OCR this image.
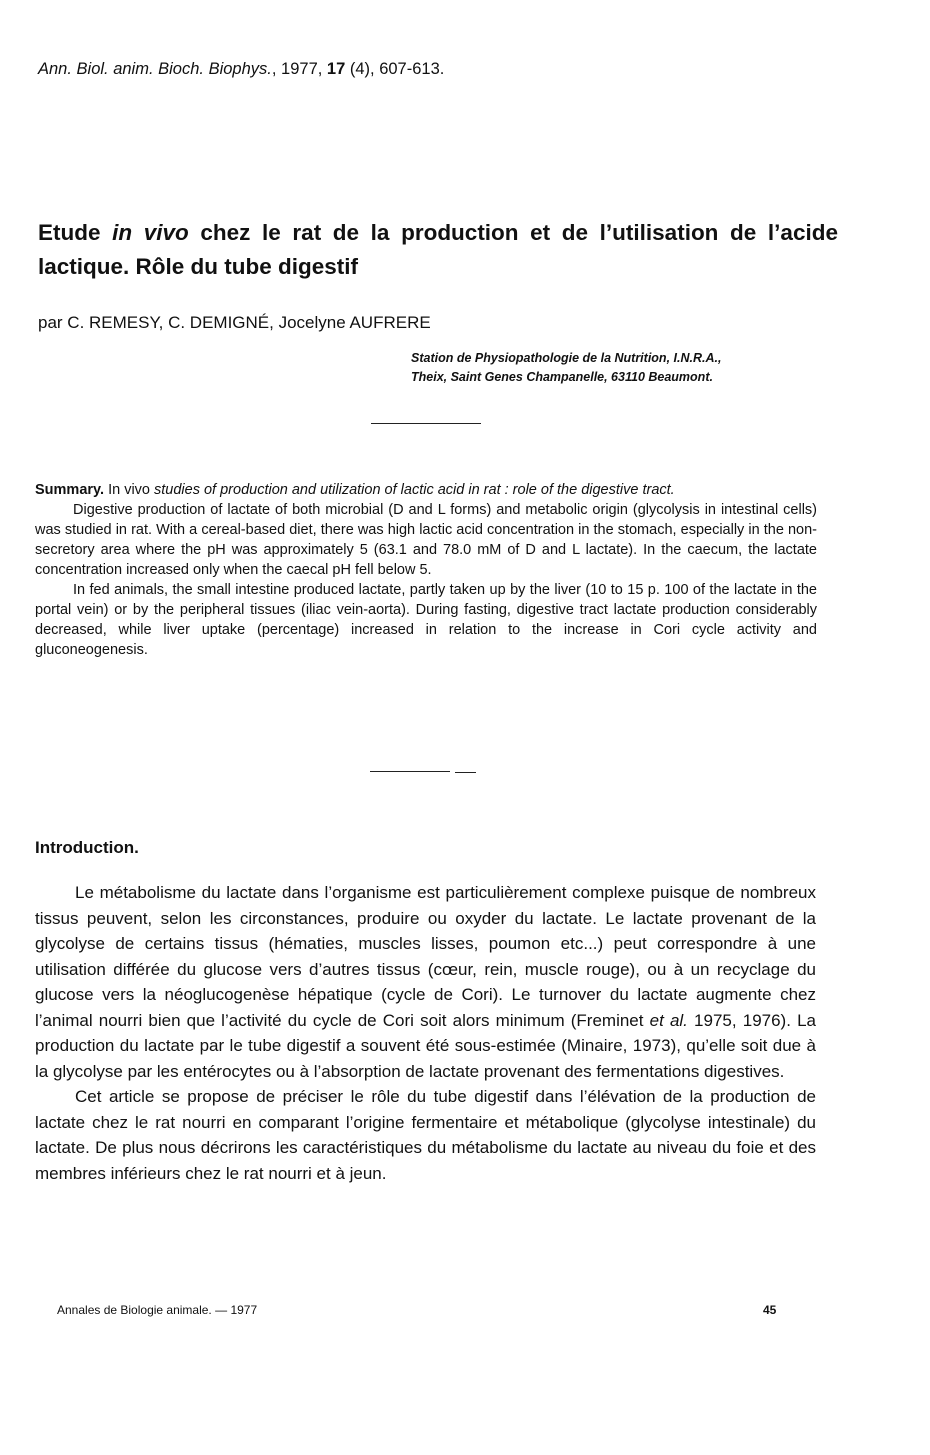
Ann. Biol. anim. Bioch. Biophys., 1977, 17 (4), 607-613.
Etude in vivo chez le rat de la production et de l’utilisation de l’acide lactique. Rôle du tube digestif
par C. REMESY, C. DEMIGNÉ, Jocelyne AUFRERE
Station de Physiopathologie de la Nutrition, I.N.R.A.,
Theix, Saint Genes Champanelle, 63110 Beaumont.

Summary. In vivo studies of production and utilization of lactic acid in rat : role of the digestive tract.

Digestive production of lactate of both microbial (D and L forms) and metabolic origin (glycolysis in intestinal cells) was studied in rat. With a cereal-based diet, there was high lactic acid concentration in the stomach, especially in the non-secretory area where the pH was approximately 5 (63.1 and 78.0 mM of D and L lactate). In the caecum, the lactate concentration increased only when the caecal pH fell below 5.

In fed animals, the small intestine produced lactate, partly taken up by the liver (10 to 15 p. 100 of the lactate in the portal vein) or by the peripheral tissues (iliac vein-aorta). During fasting, digestive tract lactate production considerably decreased, while liver uptake (percentage) increased in relation to the increase in Cori cycle activity and gluconeogenesis.

Introduction.

Le métabolisme du lactate dans l’organisme est particulièrement complexe puisque de nombreux tissus peuvent, selon les circonstances, produire ou oxyder du lactate. Le lactate provenant de la glycolyse de certains tissus (hématies, muscles lisses, poumon etc...) peut correspondre à une utilisation différée du glucose vers d’autres tissus (cœur, rein, muscle rouge), ou à un recyclage du glucose vers la néoglucogenèse hépatique (cycle de Cori). Le turnover du lactate augmente chez l’animal nourri bien que l’activité du cycle de Cori soit alors minimum (Freminet et al. 1975, 1976). La production du lactate par le tube digestif a souvent été sous-estimée (Minaire, 1973), qu’elle soit due à la glycolyse par les entérocytes ou à l’absorption de lactate provenant des fermentations digestives.

Cet article se propose de préciser le rôle du tube digestif dans l’élévation de la production de lactate chez le rat nourri en comparant l’origine fermentaire et métabolique (glycolyse intestinale) du lactate. De plus nous décrirons les caractéristiques du métabolisme du lactate au niveau du foie et des membres inférieurs chez le rat nourri et à jeun.

Annales de Biologie animale. — 1977	45
